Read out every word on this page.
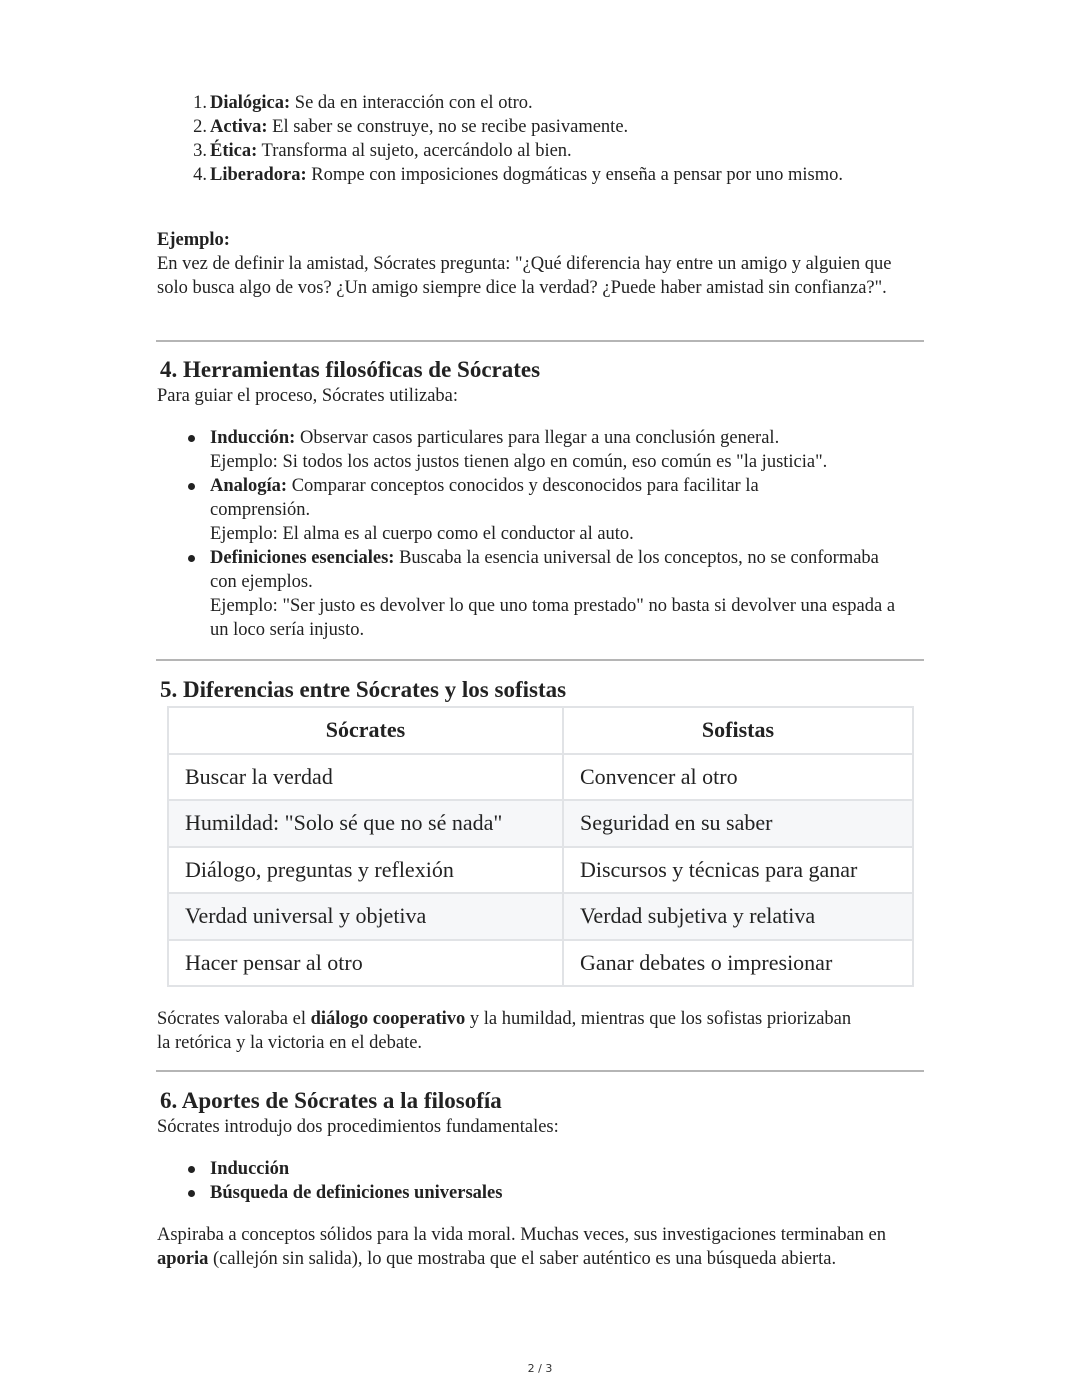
1. Dialógica: Se da en interacción con el otro.
2. Activa: El saber se construye, no se recibe pasivamente.
3. Ética: Transforma al sujeto, acercándolo al bien.
4. Liberadora: Rompe con imposiciones dogmáticas y enseña a pensar por uno mismo.
Ejemplo:
En vez de definir la amistad, Sócrates pregunta: "¿Qué diferencia hay entre un amigo y alguien que solo busca algo de vos? ¿Un amigo siempre dice la verdad? ¿Puede haber amistad sin confianza?".
4. Herramientas filosóficas de Sócrates
Para guiar el proceso, Sócrates utilizaba:
Inducción: Observar casos particulares para llegar a una conclusión general.
Ejemplo: Si todos los actos justos tienen algo en común, eso común es "la justicia".
Analogía: Comparar conceptos conocidos y desconocidos para facilitar la comprensión.
Ejemplo: El alma es al cuerpo como el conductor al auto.
Definiciones esenciales: Buscaba la esencia universal de los conceptos, no se conformaba con ejemplos.
Ejemplo: "Ser justo es devolver lo que uno toma prestado" no basta si devolver una espada a un loco sería injusto.
5. Diferencias entre Sócrates y los sofistas
Sócrates	Sofistas
Buscar la verdad	Convencer al otro
Humildad: "Solo sé que no sé nada"	Seguridad en su saber
Diálogo, preguntas y reflexión	Discursos y técnicas para ganar
Verdad universal y objetiva	Verdad subjetiva y relativa
Hacer pensar al otro	Ganar debates o impresionar
Sócrates valoraba el diálogo cooperativo y la humildad, mientras que los sofistas priorizaban la retórica y la victoria en el debate.
6. Aportes de Sócrates a la filosofía
Sócrates introdujo dos procedimientos fundamentales:
Inducción
Búsqueda de definiciones universales
Aspiraba a conceptos sólidos para la vida moral. Muchas veces, sus investigaciones terminaban en aporia (callejón sin salida), lo que mostraba que el saber auténtico es una búsqueda abierta.
2 / 3
